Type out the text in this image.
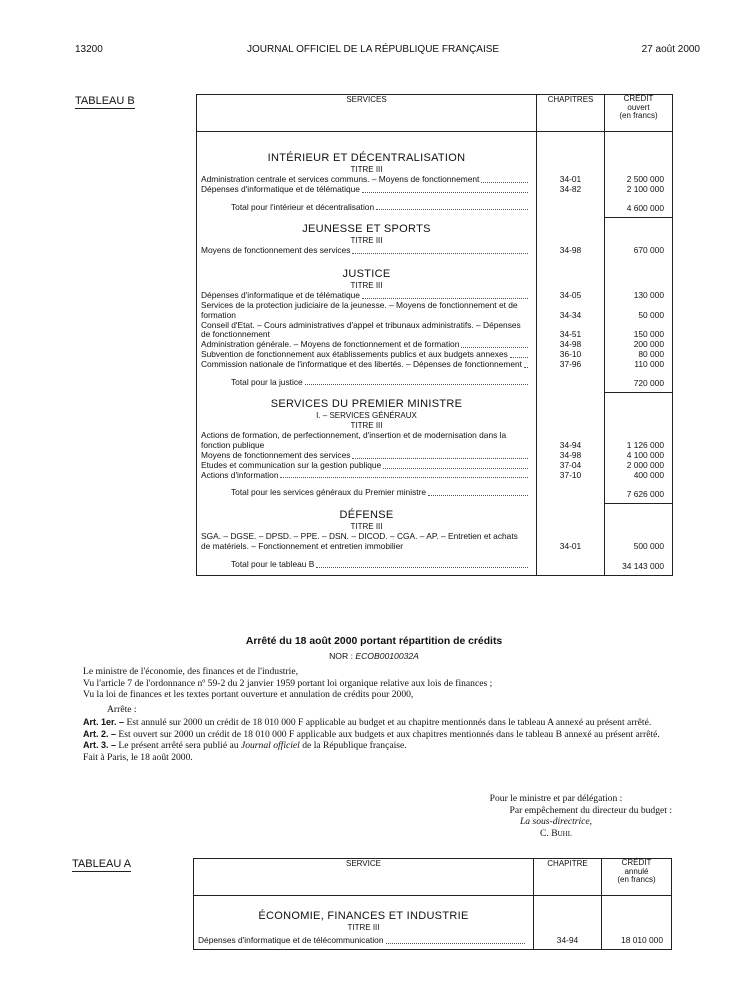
13200	JOURNAL OFFICIEL DE LA RÉPUBLIQUE FRANÇAISE	27 août 2000
TABLEAU B	SERVICES	CHAPITRES	CRÉDIT
ouvert
(en francs)

INTÉRIEUR ET DÉCENTRALISATION
TITRE III		

Administration centrale et services communs. – Moyens de fonctionnement	34-01	2 500 000

Dépenses d'informatique et de télématique	34-82	2 100 000

Total pour l'intérieur et décentralisation		4 600 000

JEUNESSE ET SPORTS
TITRE III		

Moyens de fonctionnement des services	34-98	670 000

JUSTICE
TITRE III		

Dépenses d'informatique et de télématique	34-05	130 000

Services de la protection judiciaire de la jeunesse. – Moyens de fonctionnement et de formation	34-34	50 000

Conseil d'Etat. – Cours administratives d'appel et tribunaux administratifs. – Dépenses de fonctionnement	34-51	150 000

Administration générale. – Moyens de fonctionnement et de formation	34-98	200 000

Subvention de fonctionnement aux établissements publics et aux budgets annexes	36-10	80 000

Commission nationale de l'informatique et des libertés. – Dépenses de fonctionnement	37-96	110 000

Total pour la justice		720 000

SERVICES DU PREMIER MINISTRE
I. – SERVICES GÉNÉRAUX
TITRE III		

Actions de formation, de perfectionnement, d'insertion et de modernisation dans la fonction publique	34-94	1 126 000

Moyens de fonctionnement des services	34-98	4 100 000

Etudes et communication sur la gestion publique	37-04	2 000 000

Actions d'information	37-10	400 000

Total pour les services généraux du Premier ministre		7 626 000

DÉFENSE
TITRE III		

SGA. – DGSE. – DPSD. – PPE. – DSN. – DICOD. – CGA. – AP. – Entretien et achats de matériels. – Fonctionnement et entretien immobilier	34-01	500 000

Total pour le tableau B		34 143 000
Arrêté du 18 août 2000 portant répartition de crédits
NOR : ECOB0010032A
Le ministre de l'économie, des finances et de l'industrie,
Vu l'article 7 de l'ordonnance nº 59-2 du 2 janvier 1959 portant loi organique relative aux lois de finances ;
Vu la loi de finances et les textes portant ouverture et annulation de crédits pour 2000,
Arrête :
Art. 1er. – Est annulé sur 2000 un crédit de 18 010 000 F applicable au budget et au chapitre mentionnés dans le tableau A annexé au présent arrêté.
Art. 2. – Est ouvert sur 2000 un crédit de 18 010 000 F applicable aux budgets et aux chapitres mentionnés dans le tableau B annexé au présent arrêté.
Art. 3. – Le présent arrêté sera publié au Journal officiel de la République française.
Fait à Paris, le 18 août 2000.
Pour le ministre et par délégation :
Par empêchement du directeur du budget :
La sous-directrice,
C. Buhl
TABLEAU A	SERVICE	CHAPITRE	CRÉDIT
annulé
(en francs)

ÉCONOMIE, FINANCES ET INDUSTRIE
TITRE III
Dépenses d'informatique et de télécommunication	34-94	18 010 000
